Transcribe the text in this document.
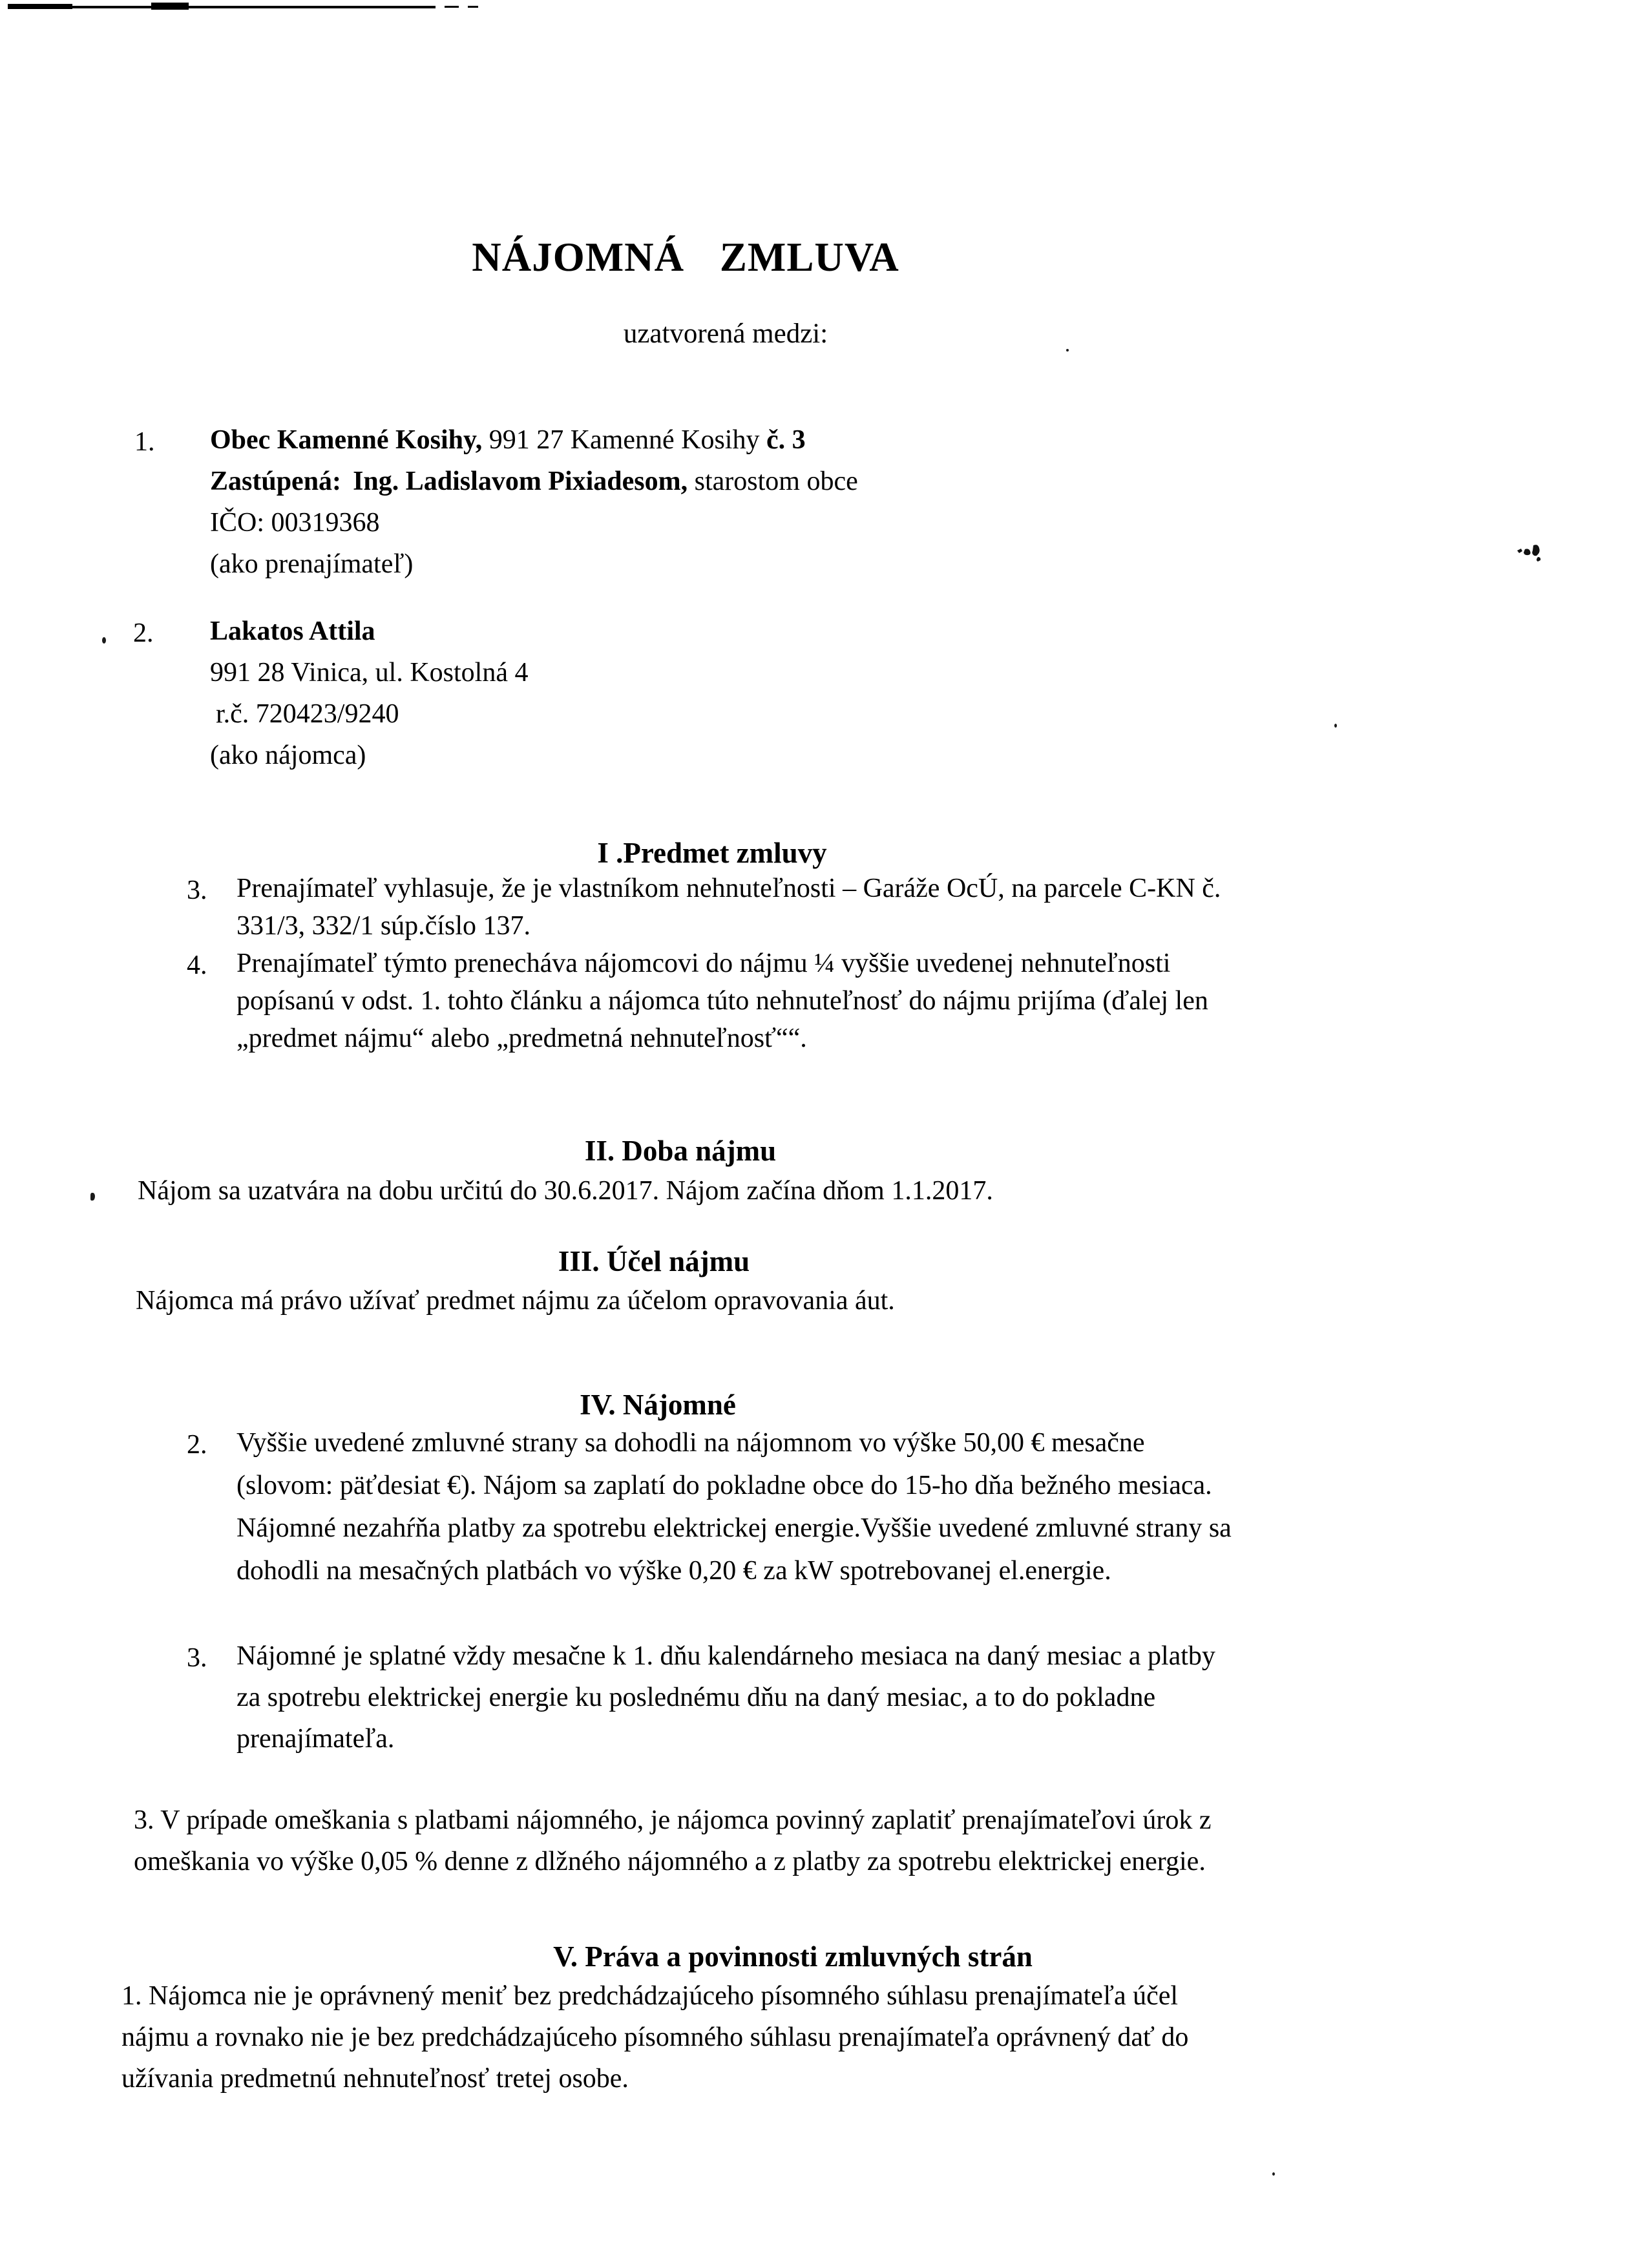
NÁJOMNÁ ZMLUVA
uzatvorená medzi:
1. Obec Kamenné Kosihy, 991 27 Kamenné Kosihy č. 3
Zastúpená: Ing. Ladislavom Pixiadesom, starostom obce
IČO: 00319368
(ako prenajímateľ)
2. Lakatos Attila
991 28 Vinica, ul. Kostolná 4
r.č. 720423/9240
(ako nájomca)
I .Predmet zmluvy
3. Prenajímateľ vyhlasuje, že je vlastníkom nehnuteľnosti – Garáže OcÚ, na parcele C-KN č.
331/3, 332/1 súp.číslo 137.
4. Prenajímateľ týmto prenecháva nájomcovi do nájmu ¼ vyššie uvedenej nehnuteľnosti
popísanú v odst. 1. tohto článku a nájomca túto nehnuteľnosť do nájmu prijíma (ďalej len
„predmet nájmu“ alebo „predmetná nehnuteľnosť““.
II. Doba nájmu
Nájom sa uzatvára na dobu určitú do 30.6.2017. Nájom začína dňom 1.1.2017.
III. Účel nájmu
Nájomca má právo užívať predmet nájmu za účelom opravovania áut.
IV. Nájomné
2. Vyššie uvedené zmluvné strany sa dohodli na nájomnom vo výške 50,00 € mesačne
(slovom: päťdesiat €). Nájom sa zaplatí do pokladne obce do 15-ho dňa bežného mesiaca.
Nájomné nezahŕňa platby za spotrebu elektrickej energie.Vyššie uvedené zmluvné strany sa
dohodli na mesačných platbách vo výške 0,20 € za kW spotrebovanej el.energie.
3. Nájomné je splatné vždy mesačne k 1. dňu kalendárneho mesiaca na daný mesiac a platby
za spotrebu elektrickej energie ku poslednému dňu na daný mesiac, a to do pokladne
prenajímateľa.
3. V prípade omeškania s platbami nájomného, je nájomca povinný zaplatiť prenajímateľovi úrok z
omeškania vo výške 0,05 % denne z dlžného nájomného a z platby za spotrebu elektrickej energie.
V. Práva a povinnosti zmluvných strán
1. Nájomca nie je oprávnený meniť bez predchádzajúceho písomného súhlasu prenajímateľa účel
nájmu a rovnako nie je bez predchádzajúceho písomného súhlasu prenajímateľa oprávnený dať do
užívania predmetnú nehnuteľnosť tretej osobe.
